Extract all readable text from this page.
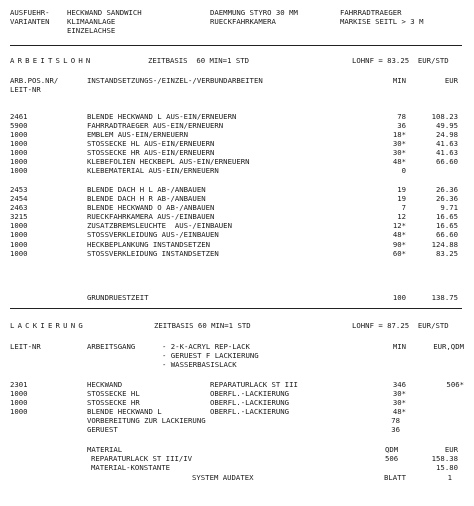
AUSFUEHR-
VARIANTEN
HECKWAND SANDWICH
KLIMAANLAGE
EINZELACHSE
DAEMMUNG STYRO 30 MM
RUECKFAHRKAMERA
FAHRRADTRAEGER
MARKISE SEITL > 3 M
ARBEITSLOHN	ZEITBASIS  60 MIN=1 STD	LOHNF = 83.25  EUR/STD
ARB.POS.NR/
LEIT-NR
INSTANDSETZUNGS-/EINZEL-/VERBUNDARBEITEN	MIN	EUR
2461	BLENDE HECKWAND L AUS-EIN/ERNEUERN	78	108.23
5900	FAHRRADTRAEGER AUS-EIN/ERNEUERN	36	49.95
1000	EMBLEM AUS-EIN/ERNEUERN	18*	24.98
1000	STOSSECKE HL AUS-EIN/ERNEUERN	30*	41.63
1000	STOSSECKE HR AUS-EIN/ERNEUERN	30*	41.63
1000	KLEBEFOLIEN HECKBEPL AUS-EIN/ERNEUERN	48*	66.60
1000	KLEBEMATERIAL AUS-EIN/ERNEUERN	0
2453	BLENDE DACH H L AB-/ANBAUEN	19	26.36
2454	BLENDE DACH H R AB-/ANBAUEN	19	26.36
2463	BLENDE HECKWAND O AB-/ANBAUEN	7	9.71
3215	RUECKFAHRKAMERA AUS-/EINBAUEN	12	16.65
1000	ZUSATZBREMSLEUCHTE  AUS-/EINBAUEN	12*	16.65
1000	STOSSVERKLEIDUNG AUS-/EINBAUEN	48*	66.60
1000	HECKBEPLANKUNG INSTANDSETZEN	90*	124.88
1000	STOSSVERKLEIDUNG INSTANDSETZEN	60*	83.25
GRUNDRUESTZEIT	100	138.75
LACKIERUNG	ZEITBASIS 60 MIN=1 STD	LOHNF = 87.25  EUR/STD
LEIT-NR	ARBEITSGANG	- 2-K-ACRYL REP-LACK
- GERUEST F LACKIERUNG
- WASSERBASISLACK
MIN	EUR,QDM
2301	HECKWAND	REPARATURLACK ST III	346	506*
1000	STOSSECKE HL	OBERFL.-LACKIERUNG	30*
1000	STOSSECKE HR	OBERFL.-LACKIERUNG	30*
1000	BLENDE HECKWAND L	OBERFL.-LACKIERUNG	48*
VORBEREITUNG ZUR LACKIERUNG	78
GERUEST	36
MATERIAL	QDM	EUR
REPARATURLACK ST III/IV	506	158.38
MATERIAL-KONSTANTE	15.80
SYSTEM AUDATEX	BLATT	1
